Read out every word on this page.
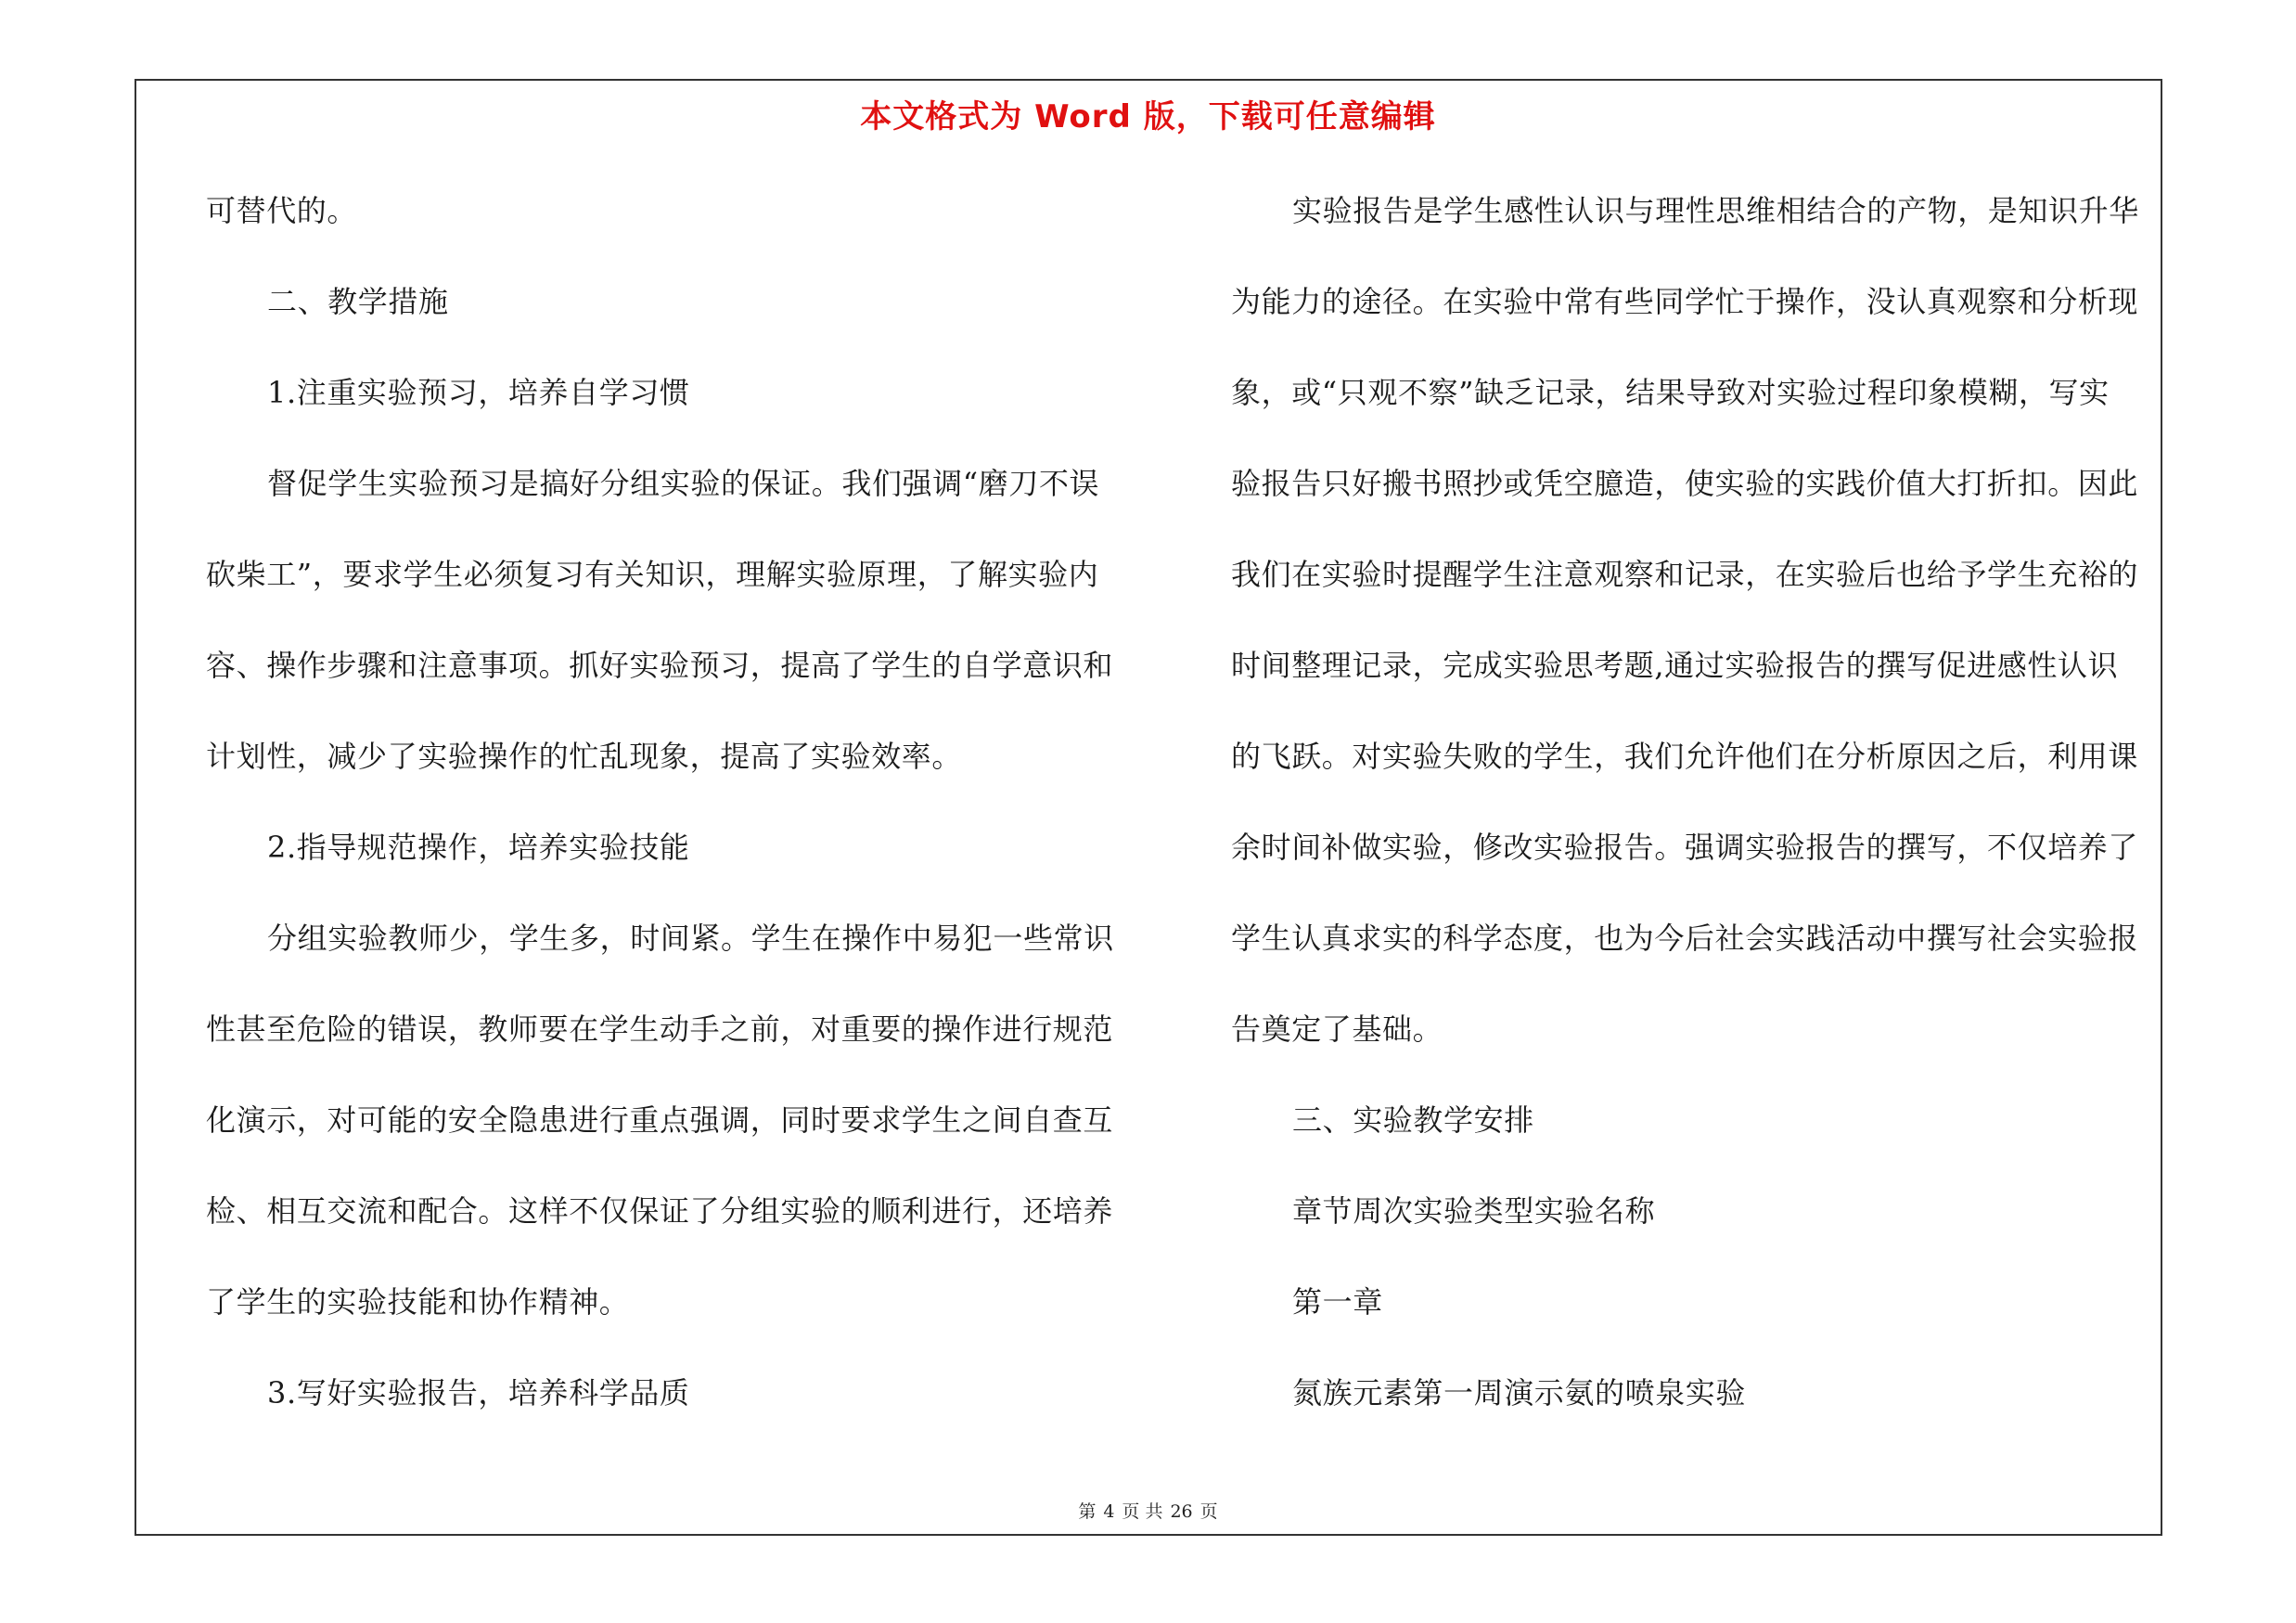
本文格式为 Word 版，下载可任意编辑
可替代的。
二、教学措施
1.注重实验预习，培养自学习惯
督促学生实验预习是搞好分组实验的保证。我们强调“磨刀不误
砍柴工”，要求学生必须复习有关知识，理解实验原理，了解实验内
容、操作步骤和注意事项。抓好实验预习，提高了学生的自学意识和
计划性，减少了实验操作的忙乱现象，提高了实验效率。
2.指导规范操作，培养实验技能
分组实验教师少，学生多，时间紧。学生在操作中易犯一些常识
性甚至危险的错误，教师要在学生动手之前，对重要的操作进行规范
化演示，对可能的安全隐患进行重点强调，同时要求学生之间自查互
检、相互交流和配合。这样不仅保证了分组实验的顺利进行，还培养
了学生的实验技能和协作精神。
3.写好实验报告，培养科学品质
实验报告是学生感性认识与理性思维相结合的产物，是知识升华
为能力的途径。在实验中常有些同学忙于操作，没认真观察和分析现
象，或“只观不察”缺乏记录，结果导致对实验过程印象模糊，写实
验报告只好搬书照抄或凭空臆造，使实验的实践价值大打折扣。因此
我们在实验时提醒学生注意观察和记录，在实验后也给予学生充裕的
时间整理记录，完成实验思考题,通过实验报告的撰写促进感性认识
的飞跃。对实验失败的学生，我们允许他们在分析原因之后，利用课
余时间补做实验，修改实验报告。强调实验报告的撰写，不仅培养了
学生认真求实的科学态度，也为今后社会实践活动中撰写社会实验报
告奠定了基础。
三、实验教学安排
章节周次实验类型实验名称
第一章
氮族元素第一周演示氨的喷泉实验
第 4 页 共 26 页
